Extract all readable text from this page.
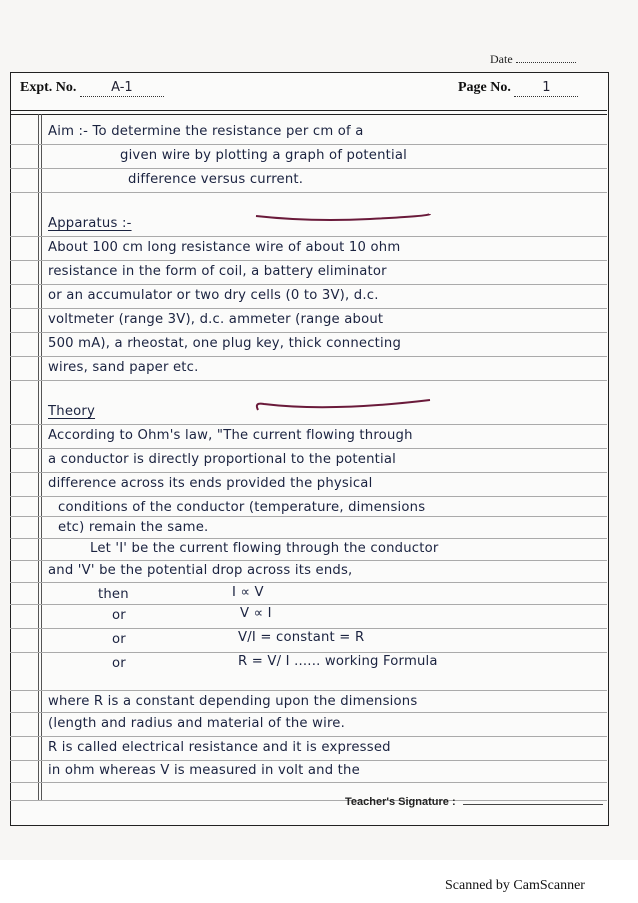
Date
Expt. No.	A-1	Page No. 1
Aim :- To determine the resistance per cm of a
given wire by plotting a graph of potential
difference versus current.
Apparatus :-
About 100 cm long resistance wire of about 10 ohm
resistance in the form of coil, a battery eliminator
or an accumulator or two dry cells (0 to 3V), d.c.
voltmeter (range 3V), d.c. ammeter (range about
500 mA), a rheostat, one plug key, thick connecting
wires, sand paper etc.
Theory
According to Ohm's law, "The current flowing through
a conductor is directly proportional to the potential
difference across its ends provided the physical
conditions of the conductor (temperature, dimensions
etc) remain the same.
Let 'I' be the current flowing through the conductor
and 'V' be the potential drop across its ends,
then	I ∝ V
or	V ∝ I
or	V/I = constant = R
or	R = V/ I ...... working Formula
where R is a constant depending upon the dimensions
(length and radius and material of the wire.
R is called electrical resistance and it is expressed
in ohm whereas V is measured in volt and the
Teacher's Signature :
Scanned by CamScanner
